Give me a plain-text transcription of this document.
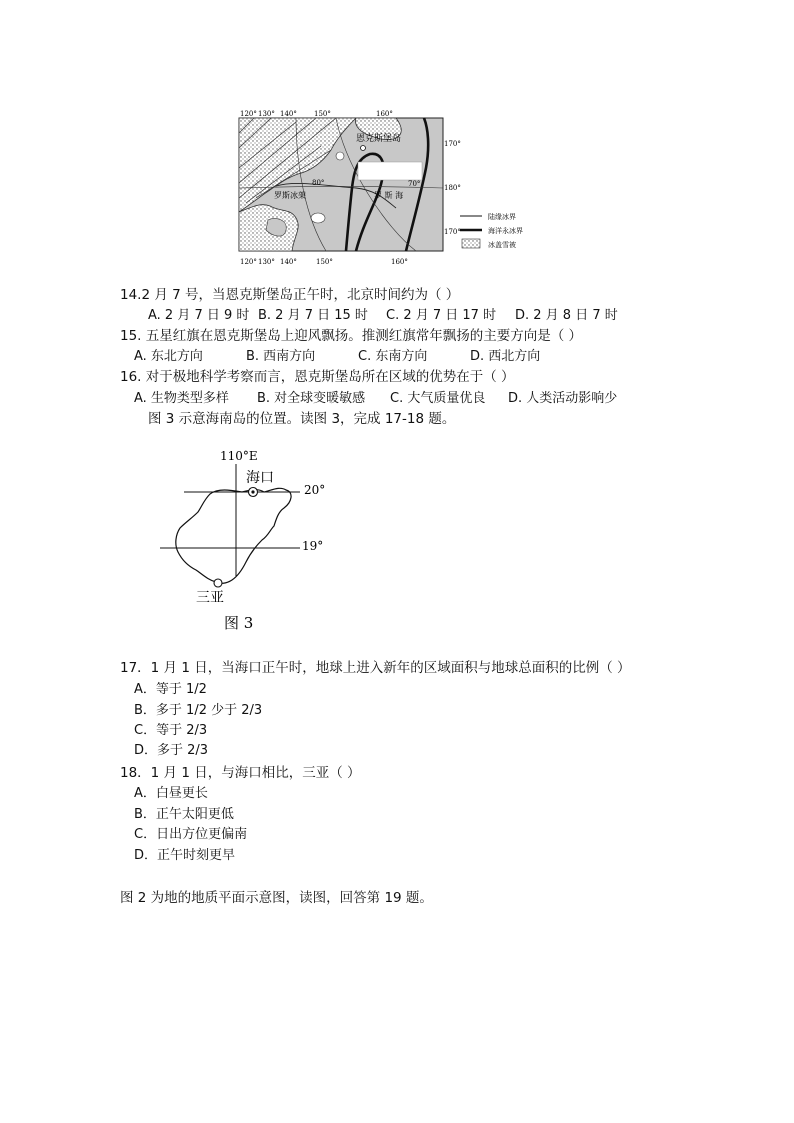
120° 130° 140° 150°	160°
120° 130° 140°	150°	160°
170°
180°
170°
80°	70°
恩克斯堡岛
罗斯冰架	罗 斯 海
陆缘冰界
海洋永冰界
冰盖雪被
14.2 月 7 号，当恩克斯堡岛正午时，北京时间约为（ ）
A. 2 月 7 日 9 时 B. 2 月 7 日 15 时 C. 2 月 7 日 17 时 D. 2 月 8 日 7 时
15. 五星红旗在恩克斯堡岛上迎风飘扬。推测红旗常年飘扬的主要方向是（ ）
A. 东北方向	B. 西南方向	C. 东南方向	D. 西北方向
16. 对于极地科学考察而言，恩克斯堡岛所在区域的优势在于（ ）
A. 生物类型多样 B. 对全球变暖敏感 C. 大气质量优良 D. 人类活动影响少
图 3 示意海南岛的位置。读图 3，完成 17-18 题。
110°E
海口
20°
19°
三亚
图 3
17．1 月 1 日，当海口正午时，地球上进入新年的区域面积与地球总面积的比例（ ）
A．等于 1/2
B．多于 1/2 少于 2/3
C．等于 2/3
D．多于 2/3
18．1 月 1 日，与海口相比，三亚（ ）
A．白昼更长
B．正午太阳更低
C．日出方位更偏南
D．正午时刻更早
图 2 为地的地质平面示意图，读图，回答第 19 题。
